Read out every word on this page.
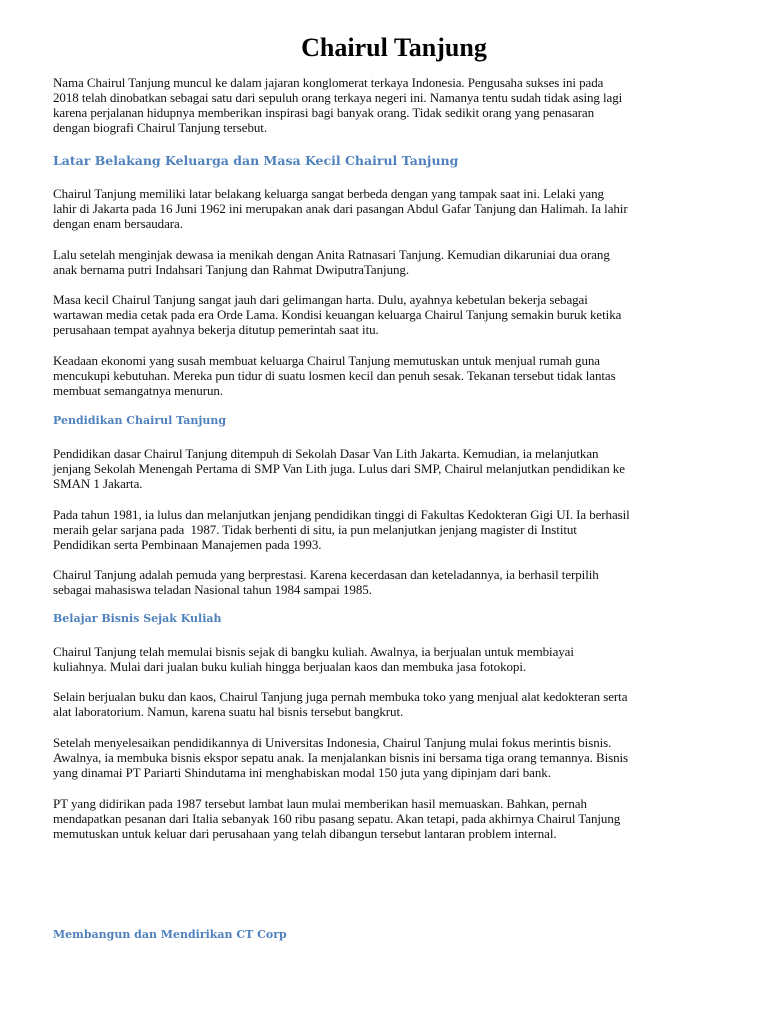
Chairul Tanjung

Nama Chairul Tanjung muncul ke dalam jajaran konglomerat terkaya Indonesia. Pengusaha sukses ini pada
2018 telah dinobatkan sebagai satu dari sepuluh orang terkaya negeri ini. Namanya tentu sudah tidak asing lagi
karena perjalanan hidupnya memberikan inspirasi bagi banyak orang. Tidak sedikit orang yang penasaran
dengan biografi Chairul Tanjung tersebut.

Latar Belakang Keluarga dan Masa Kecil Chairul Tanjung

Chairul Tanjung memiliki latar belakang keluarga sangat berbeda dengan yang tampak saat ini. Lelaki yang
lahir di Jakarta pada 16 Juni 1962 ini merupakan anak dari pasangan Abdul Gafar Tanjung dan Halimah. Ia lahir
dengan enam bersaudara.

Lalu setelah menginjak dewasa ia menikah dengan Anita Ratnasari Tanjung. Kemudian dikaruniai dua orang
anak bernama putri Indahsari Tanjung dan Rahmat DwiputraTanjung.

Masa kecil Chairul Tanjung sangat jauh dari gelimangan harta. Dulu, ayahnya kebetulan bekerja sebagai
wartawan media cetak pada era Orde Lama. Kondisi keuangan keluarga Chairul Tanjung semakin buruk ketika
perusahaan tempat ayahnya bekerja ditutup pemerintah saat itu.

Keadaan ekonomi yang susah membuat keluarga Chairul Tanjung memutuskan untuk menjual rumah guna
mencukupi kebutuhan. Mereka pun tidur di suatu losmen kecil dan penuh sesak. Tekanan tersebut tidak lantas
membuat semangatnya menurun.

Pendidikan Chairul Tanjung

Pendidikan dasar Chairul Tanjung ditempuh di Sekolah Dasar Van Lith Jakarta. Kemudian, ia melanjutkan
jenjang Sekolah Menengah Pertama di SMP Van Lith juga. Lulus dari SMP, Chairul melanjutkan pendidikan ke
SMAN 1 Jakarta.

Pada tahun 1981, ia lulus dan melanjutkan jenjang pendidikan tinggi di Fakultas Kedokteran Gigi UI. Ia berhasil
meraih gelar sarjana pada  1987. Tidak berhenti di situ, ia pun melanjutkan jenjang magister di Institut
Pendidikan serta Pembinaan Manajemen pada 1993.

Chairul Tanjung adalah pemuda yang berprestasi. Karena kecerdasan dan keteladannya, ia berhasil terpilih
sebagai mahasiswa teladan Nasional tahun 1984 sampai 1985.

Belajar Bisnis Sejak Kuliah

Chairul Tanjung telah memulai bisnis sejak di bangku kuliah. Awalnya, ia berjualan untuk membiayai
kuliahnya. Mulai dari jualan buku kuliah hingga berjualan kaos dan membuka jasa fotokopi.

Selain berjualan buku dan kaos, Chairul Tanjung juga pernah membuka toko yang menjual alat kedokteran serta
alat laboratorium. Namun, karena suatu hal bisnis tersebut bangkrut.

Setelah menyelesaikan pendidikannya di Universitas Indonesia, Chairul Tanjung mulai fokus merintis bisnis.
Awalnya, ia membuka bisnis ekspor sepatu anak. Ia menjalankan bisnis ini bersama tiga orang temannya. Bisnis
yang dinamai PT Pariarti Shindutama ini menghabiskan modal 150 juta yang dipinjam dari bank.

PT yang didirikan pada 1987 tersebut lambat laun mulai memberikan hasil memuaskan. Bahkan, pernah
mendapatkan pesanan dari Italia sebanyak 160 ribu pasang sepatu. Akan tetapi, pada akhirnya Chairul Tanjung
memutuskan untuk keluar dari perusahaan yang telah dibangun tersebut lantaran problem internal.

Membangun dan Mendirikan CT Corp
